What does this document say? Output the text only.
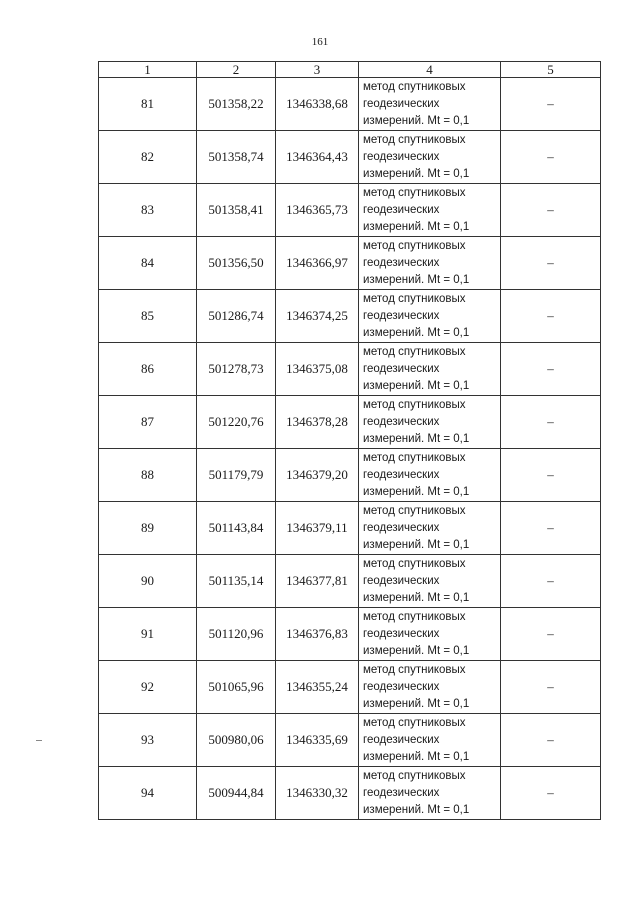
161
1	2	3	4	5
81	501358,22	1346338,68	метод спутниковых
геодезических
измерений. Mt = 0,1	–
82	501358,74	1346364,43	метод спутниковых
геодезических
измерений. Mt = 0,1	–
83	501358,41	1346365,73	метод спутниковых
геодезических
измерений. Mt = 0,1	–
84	501356,50	1346366,97	метод спутниковых
геодезических
измерений. Mt = 0,1	–
85	501286,74	1346374,25	метод спутниковых
геодезических
измерений. Mt = 0,1	–
86	501278,73	1346375,08	метод спутниковых
геодезических
измерений. Mt = 0,1	–
87	501220,76	1346378,28	метод спутниковых
геодезических
измерений. Mt = 0,1	–
88	501179,79	1346379,20	метод спутниковых
геодезических
измерений. Mt = 0,1	–
89	501143,84	1346379,11	метод спутниковых
геодезических
измерений. Mt = 0,1	–
90	501135,14	1346377,81	метод спутниковых
геодезических
измерений. Mt = 0,1	–
91	501120,96	1346376,83	метод спутниковых
геодезических
измерений. Mt = 0,1	–
92	501065,96	1346355,24	метод спутниковых
геодезических
измерений. Mt = 0,1	–
93	500980,06	1346335,69	метод спутниковых
геодезических
измерений. Mt = 0,1	–
94	500944,84	1346330,32	метод спутниковых
геодезических
измерений. Mt = 0,1	–
